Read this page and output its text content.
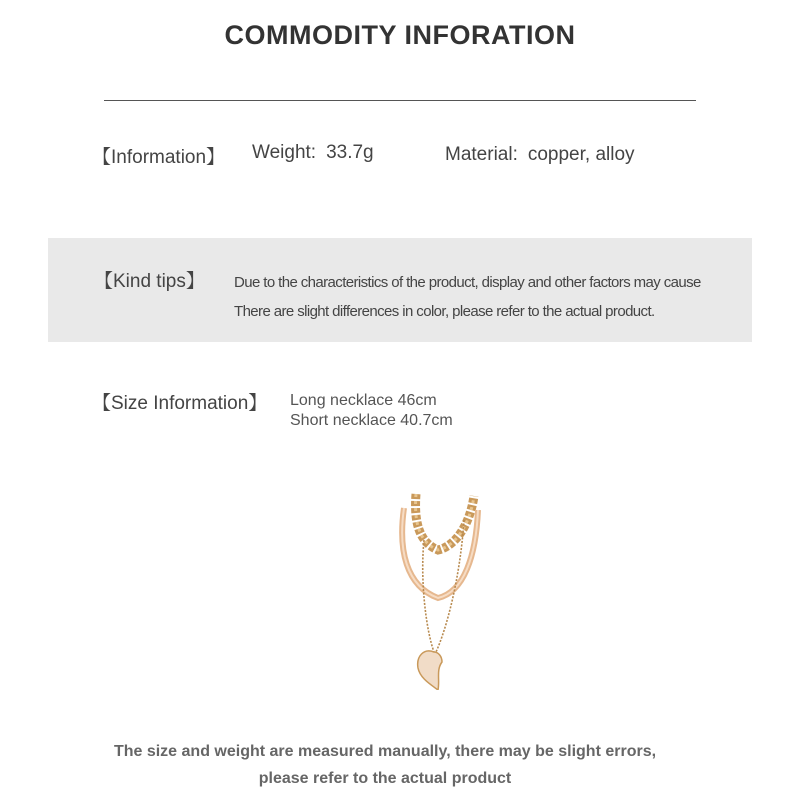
COMMODITY INFORATION
【Information】 Weight: 33.7g	Material: copper, alloy
【Kind tips】 Due to the characteristics of the product, display and other factors may cause
There are slight differences in color, please refer to the actual product.
【Size Information】 Long necklace 46cm
Short necklace 40.7cm
The size and weight are measured manually, there may be slight errors,
please refer to the actual product
